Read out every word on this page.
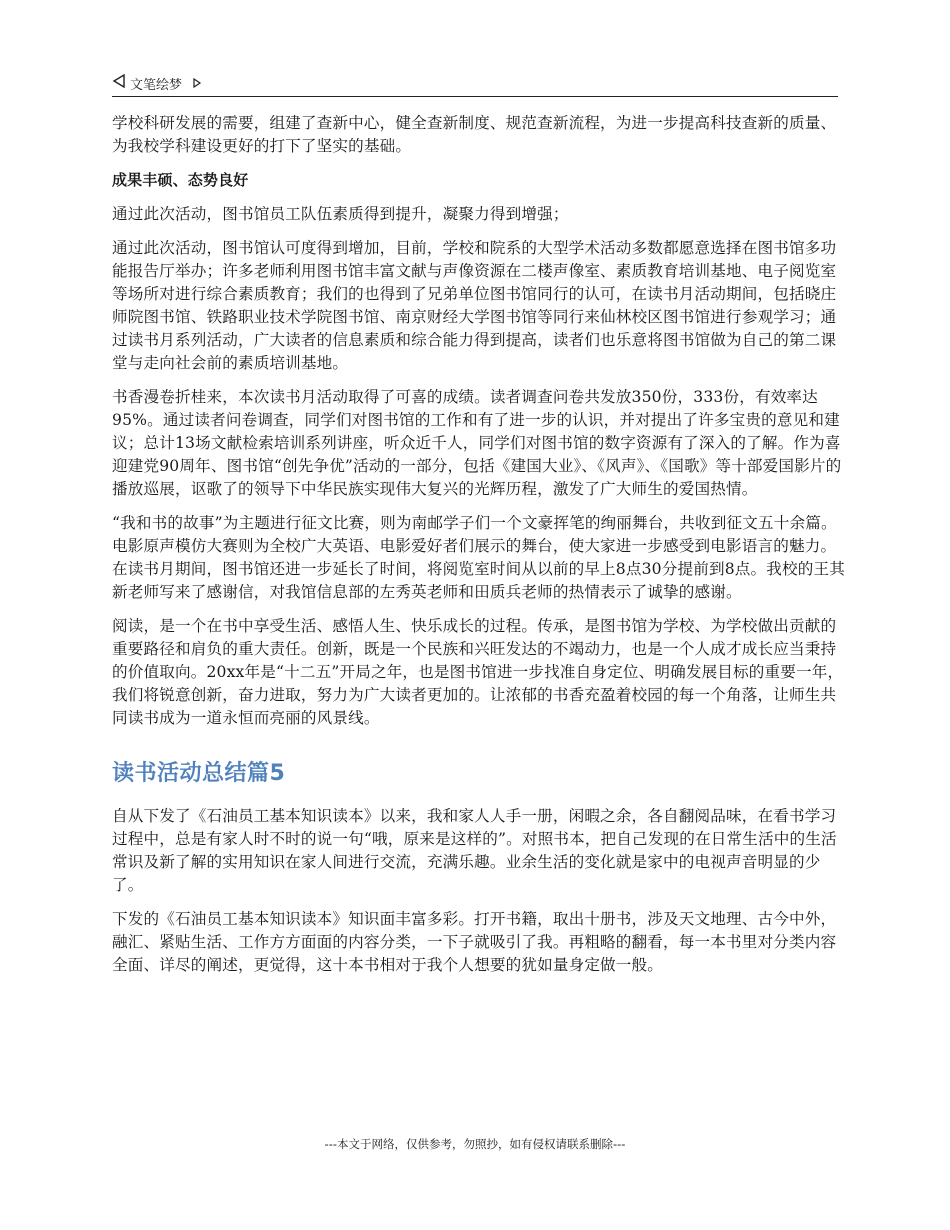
文笔绘梦

学校科研发展的需要，组建了查新中心，健全查新制度、规范查新流程，为进一步提高科技查新的质量、为我校学科建设更好的打下了坚实的基础。

成果丰硕、态势良好

通过此次活动，图书馆员工队伍素质得到提升，凝聚力得到增强；

通过此次活动，图书馆认可度得到增加，目前，学校和院系的大型学术活动多数都愿意选择在图书馆多功能报告厅举办；许多老师利用图书馆丰富文献与声像资源在二楼声像室、素质教育培训基地、电子阅览室等场所对进行综合素质教育；我们的也得到了兄弟单位图书馆同行的认可，在读书月活动期间，包括晓庄师院图书馆、铁路职业技术学院图书馆、南京财经大学图书馆等同行来仙林校区图书馆进行参观学习；通过读书月系列活动，广大读者的信息素质和综合能力得到提高，读者们也乐意将图书馆做为自己的第二课堂与走向社会前的素质培训基地。

书香漫卷折桂来，本次读书月活动取得了可喜的成绩。读者调查问卷共发放350份，333份，有效率达95%。通过读者问卷调查，同学们对图书馆的工作和有了进一步的认识，并对提出了许多宝贵的意见和建议；总计13场文献检索培训系列讲座，听众近千人，同学们对图书馆的数字资源有了深入的了解。作为喜迎建党90周年、图书馆“创先争优”活动的一部分，包括《建国大业》、《风声》、《国歌》等十部爱国影片的播放巡展，讴歌了的领导下中华民族实现伟大复兴的光辉历程，激发了广大师生的爱国热情。

“我和书的故事”为主题进行征文比赛，则为南邮学子们一个文豪挥笔的绚丽舞台，共收到征文五十余篇。电影原声模仿大赛则为全校广大英语、电影爱好者们展示的舞台，使大家进一步感受到电影语言的魅力。在读书月期间，图书馆还进一步延长了时间，将阅览室时间从以前的早上8点30分提前到8点。我校的王其新老师写来了感谢信，对我馆信息部的左秀英老师和田质兵老师的热情表示了诚挚的感谢。

阅读，是一个在书中享受生活、感悟人生、快乐成长的过程。传承，是图书馆为学校、为学校做出贡献的重要路径和肩负的重大责任。创新，既是一个民族和兴旺发达的不竭动力，也是一个人成才成长应当秉持的价值取向。20xx年是“十二五”开局之年，也是图书馆进一步找准自身定位、明确发展目标的重要一年，我们将锐意创新，奋力进取，努力为广大读者更加的。让浓郁的书香充盈着校园的每一个角落，让师生共同读书成为一道永恒而亮丽的风景线。

读书活动总结篇5

自从下发了《石油员工基本知识读本》以来，我和家人人手一册，闲暇之余，各自翻阅品味，在看书学习过程中，总是有家人时不时的说一句“哦，原来是这样的”。对照书本，把自己发现的在日常生活中的生活常识及新了解的实用知识在家人间进行交流，充满乐趣。业余生活的变化就是家中的电视声音明显的少了。

下发的《石油员工基本知识读本》知识面丰富多彩。打开书籍，取出十册书，涉及天文地理、古今中外，融汇、紧贴生活、工作方方面面的内容分类，一下子就吸引了我。再粗略的翻看，每一本书里对分类内容全面、详尽的阐述，更觉得，这十本书相对于我个人想要的犹如量身定做一般。

---本文于网络，仅供参考，勿照抄，如有侵权请联系删除---
